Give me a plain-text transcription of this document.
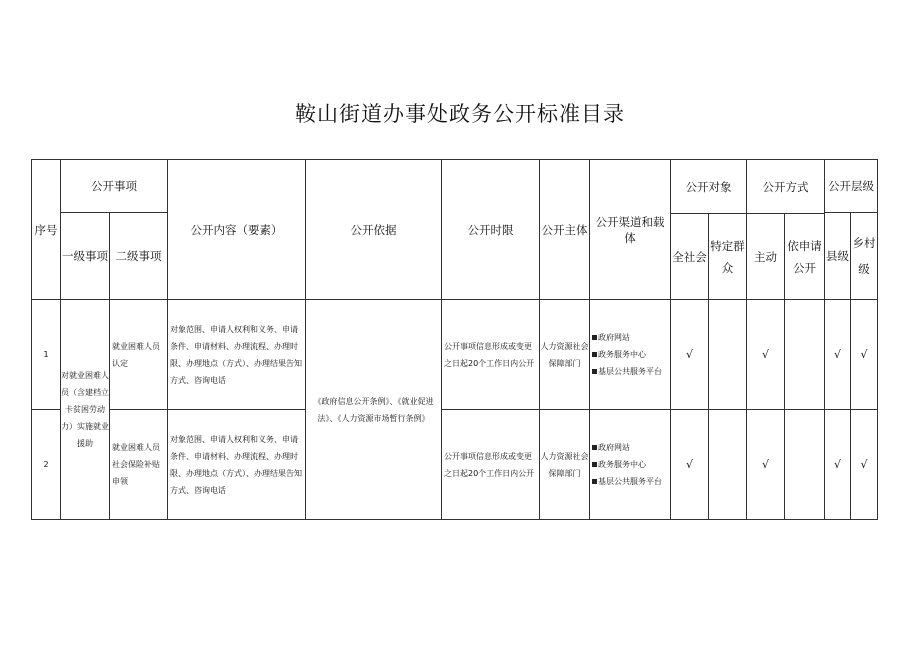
鞍山街道办事处政务公开标准目录
序号	公开事项		公开内容（要素）	公开依据	公开时限	公开主体	公开渠道和载体	公开对象		公开方式		公开层级	
	一级事项	二级事项										县级	乡村级
								全社会	特定群众	主动	依申请公开		
1	对就业困难人员（含建档立卡贫困劳动力）实施就业援助	就业困难人员认定	对象范围、申请人权利和义务、申请条件、申请材料、办理流程、办理时限、办理地点（方式）、办理结果告知方式、咨询电话	《政府信息公开条例》、《就业促进法》、《人力资源市场暂行条例》	公开事项信息形成或变更之日起20个工作日内公开	人力资源社会保障部门	政府网站
政务服务中心
基层公共服务平台	√		√		√	√
2		就业困难人员社会保险补贴申领	对象范围、申请人权利和义务、申请条件、申请材料、办理流程、办理时限、办理地点（方式）、办理结果告知方式、咨询电话		公开事项信息形成或变更之日起20个工作日内公开	人力资源社会保障部门	政府网站
政务服务中心
基层公共服务平台	√		√		√	√
